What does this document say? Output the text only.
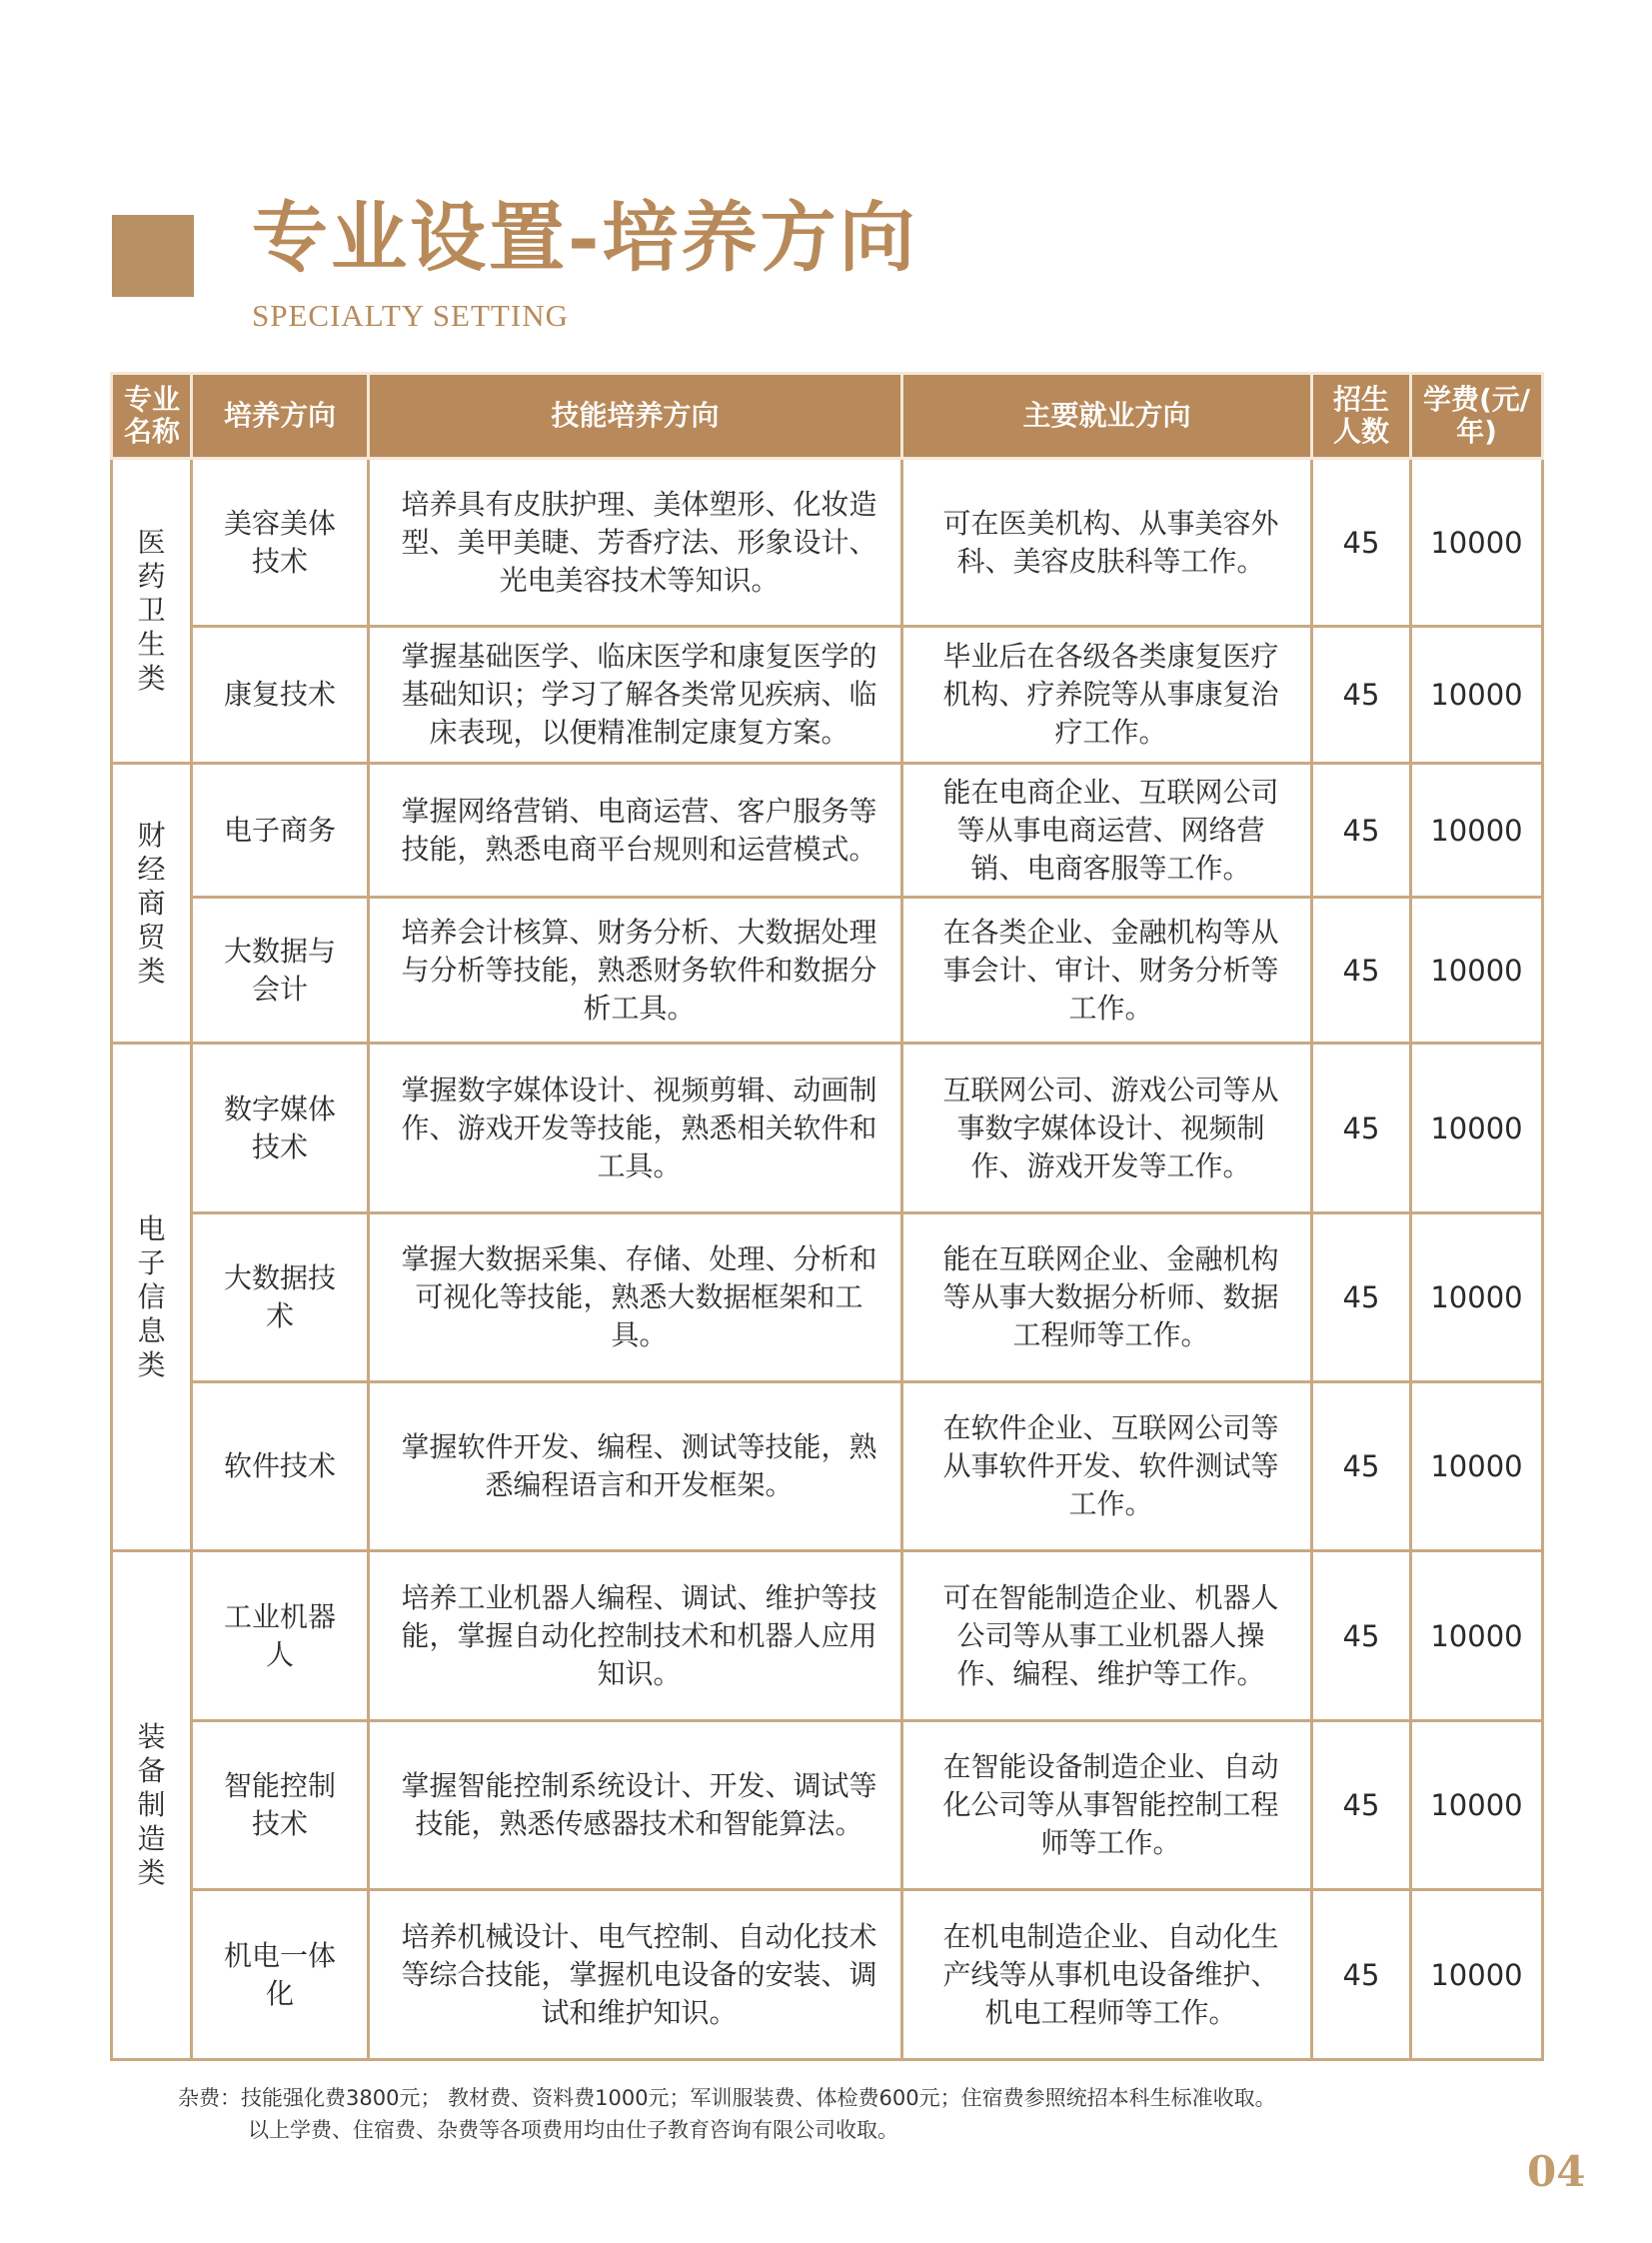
专业设置-培养方向
SPECIALTY SETTING
专业名称	培养方向	技能培养方向	主要就业方向	招生人数	学费(元/年)
医药卫生类	美容美体技术	培养具有皮肤护理、美体塑形、化妆造型、美甲美睫、芳香疗法、形象设计、光电美容技术等知识。	可在医美机构、从事美容外科、美容皮肤科等工作。	45	10000
	康复技术	掌握基础医学、临床医学和康复医学的基础知识；学习了解各类常见疾病、临床表现，以便精准制定康复方案。	毕业后在各级各类康复医疗机构、疗养院等从事康复治疗工作。	45	10000
财经商贸类	电子商务	掌握网络营销、电商运营、客户服务等技能，熟悉电商平台规则和运营模式。	能在电商企业、互联网公司等从事电商运营、网络营销、电商客服等工作。	45	10000
	大数据与会计	培养会计核算、财务分析、大数据处理与分析等技能，熟悉财务软件和数据分析工具。	在各类企业、金融机构等从事会计、审计、财务分析等工作。	45	10000
电子信息类	数字媒体技术	掌握数字媒体设计、视频剪辑、动画制作、游戏开发等技能，熟悉相关软件和工具。	互联网公司、游戏公司等从事数字媒体设计、视频制作、游戏开发等工作。	45	10000
	大数据技术	掌握大数据采集、存储、处理、分析和可视化等技能，熟悉大数据框架和工具。	能在互联网企业、金融机构等从事大数据分析师、数据工程师等工作。	45	10000
	软件技术	掌握软件开发、编程、测试等技能，熟悉编程语言和开发框架。	在软件企业、互联网公司等从事软件开发、软件测试等工作。	45	10000
装备制造类	工业机器人	培养工业机器人编程、调试、维护等技能，掌握自动化控制技术和机器人应用知识。	可在智能制造企业、机器人公司等从事工业机器人操作、编程、维护等工作。	45	10000
	智能控制技术	掌握智能控制系统设计、开发、调试等技能，熟悉传感器技术和智能算法。	在智能设备制造企业、自动化公司等从事智能控制工程师等工作。	45	10000
	机电一体化	培养机械设计、电气控制、自动化技术等综合技能，掌握机电设备的安装、调试和维护知识。	在机电制造企业、自动化生产线等从事机电设备维护、机电工程师等工作。	45	10000
杂费：技能强化费3800元； 教材费、资料费1000元；军训服装费、体检费600元；住宿费参照统招本科生标准收取。
以上学费、住宿费、杂费等各项费用均由仕子教育咨询有限公司收取。
04
